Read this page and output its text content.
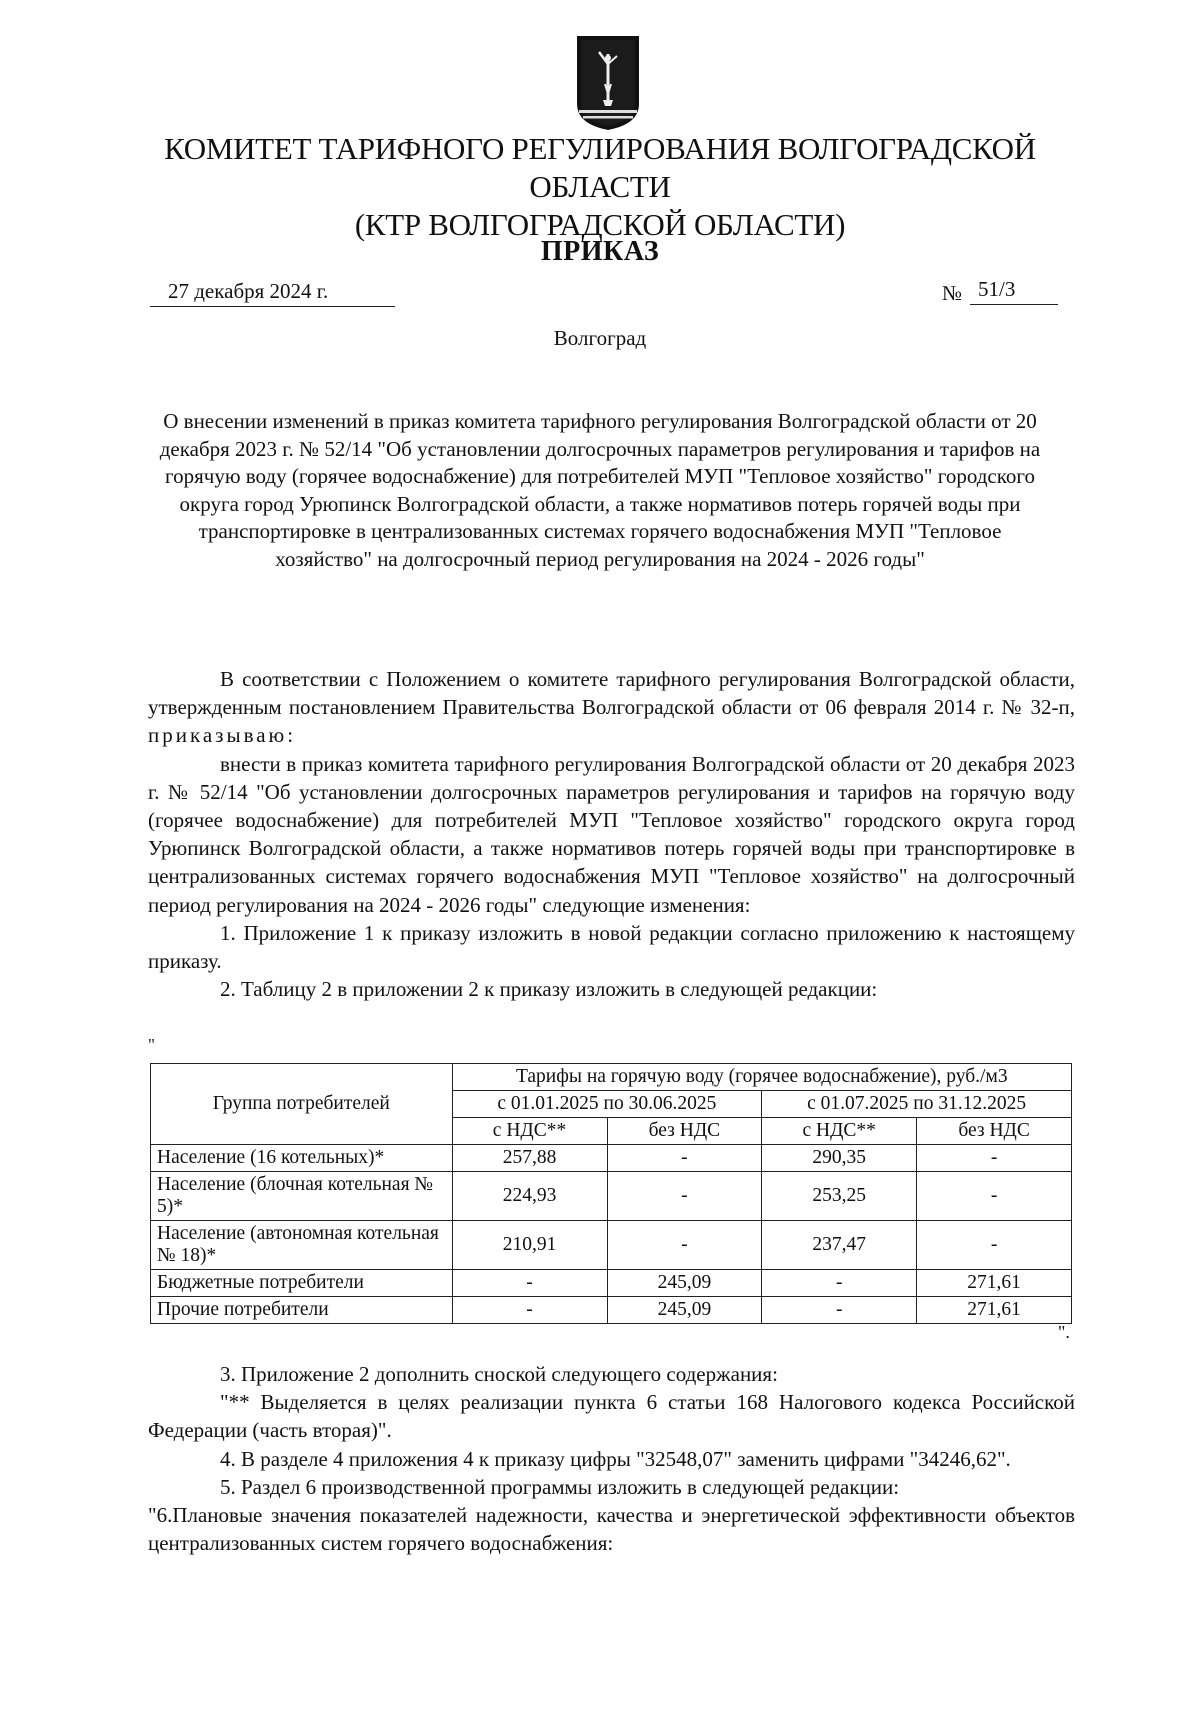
КОМИТЕТ ТАРИФНОГО РЕГУЛИРОВАНИЯ ВОЛГОГРАДСКОЙ ОБЛАСТИ
(КТР ВОЛГОГРАДСКОЙ ОБЛАСТИ)
ПРИКАЗ
27 декабря 2024 г.	№ 51/3
Волгоград
О внесении изменений в приказ комитета тарифного регулирования Волгоградской области от 20 декабря 2023 г. № 52/14 "Об установлении долгосрочных параметров регулирования и тарифов на горячую воду (горячее водоснабжение) для потребителей МУП "Тепловое хозяйство" городского округа город Урюпинск Волгоградской области, а также нормативов потерь горячей воды при транспортировке в централизованных системах горячего водоснабжения МУП "Тепловое хозяйство" на долгосрочный период регулирования на 2024 - 2026 годы"

В соответствии с Положением о комитете тарифного регулирования Волгоградской области, утвержденным постановлением Правительства Волгоградской области от 06 февраля 2014 г. № 32-п, приказываю:

внести в приказ комитета тарифного регулирования Волгоградской области от 20 декабря 2023 г. № 52/14 "Об установлении долгосрочных параметров регулирования и тарифов на горячую воду (горячее водоснабжение) для потребителей МУП "Тепловое хозяйство" городского округа город Урюпинск Волгоградской области, а также нормативов потерь горячей воды при транспортировке в централизованных системах горячего водоснабжения МУП "Тепловое хозяйство" на долгосрочный период регулирования на 2024 - 2026 годы" следующие изменения:

1. Приложение 1 к приказу изложить в новой редакции согласно приложению к настоящему приказу.

2. Таблицу 2 в приложении 2 к приказу изложить в следующей редакции:

"
Группа потребителей	Тарифы на горячую воду (горячее водоснабжение), руб./м3			
	с 01.01.2025 по 30.06.2025		с 01.07.2025 по 31.12.2025	
	с НДС**	без НДС	с НДС**	без НДС
Население (16 котельных)*	257,88	-	290,35	-
Население (блочная котельная № 5)*	224,93	-	253,25	-
Население (автономная котельная № 18)*	210,91	-	237,47	-
Бюджетные потребители	-	245,09	-	271,61
Прочие потребители	-	245,09	-	271,61
".

3. Приложение 2 дополнить сноской следующего содержания:

"** Выделяется в целях реализации пункта 6 статьи 168 Налогового кодекса Российской Федерации (часть вторая)".

4. В разделе 4 приложения 4 к приказу цифры "32548,07" заменить цифрами "34246,62".

5. Раздел 6 производственной программы изложить в следующей редакции:

"6.Плановые значения показателей надежности, качества и энергетической эффективности объектов централизованных систем горячего водоснабжения:
